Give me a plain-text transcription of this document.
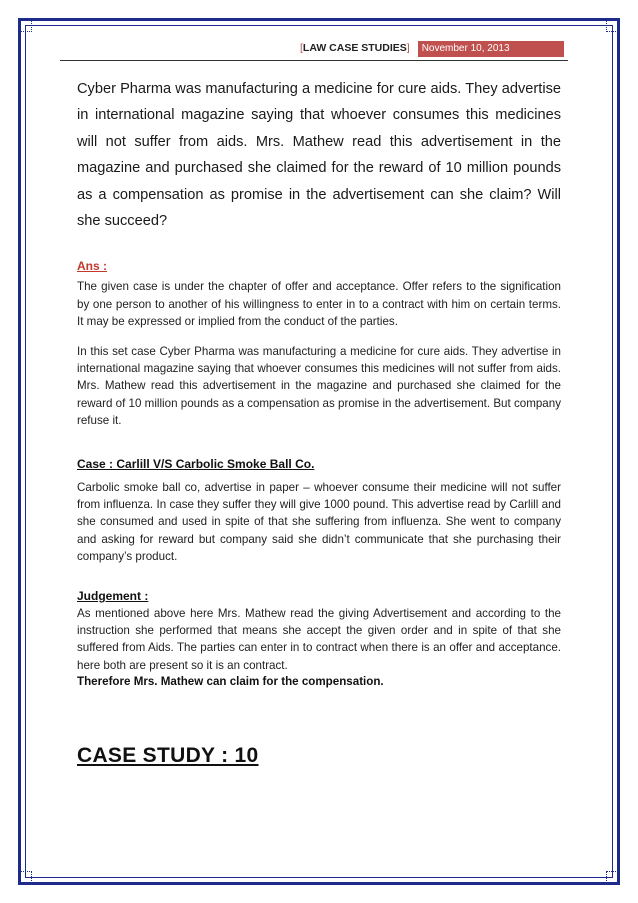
[LAW CASE STUDIES]	November 10, 2013

Cyber Pharma was manufacturing a medicine for cure aids. They advertise in international magazine saying that whoever consumes this medicines will not suffer from aids. Mrs. Mathew read this advertisement in the magazine and purchased she claimed for the reward of 10 million pounds as a compensation as promise in the advertisement can she claim? Will she succeed?

Ans :

The given case is under the chapter of offer and acceptance. Offer refers to the signification by one person to another of his willingness to enter in to a contract with him on certain terms. It may be expressed or implied from the conduct of the parties.

In this set case Cyber Pharma was manufacturing a medicine for cure aids. They advertise in international magazine saying that whoever consumes this medicines will not suffer from aids. Mrs. Mathew read this advertisement in the magazine and purchased she claimed for the reward of 10 million pounds as a compensation as promise in the advertisement. But company refuse it.

Case : Carlill V/S Carbolic Smoke Ball Co.

Carbolic smoke ball co, advertise in paper – whoever consume their medicine will not suffer from influenza. In case they suffer they will give 1000 pound. This advertise read by Carlill and she consumed and used in spite of that she suffering from influenza. She went to company and asking for reward but company said she didn’t communicate that she purchasing their company’s product.

Judgement :

As mentioned above here Mrs. Mathew read the giving Advertisement and according to the instruction she performed that means she accept the given order and in spite of that she suffered from Aids. The parties can enter in to contract when there is an offer and acceptance. here both are present so it is an contract.

Therefore Mrs. Mathew can claim for the compensation.

CASE STUDY : 10
